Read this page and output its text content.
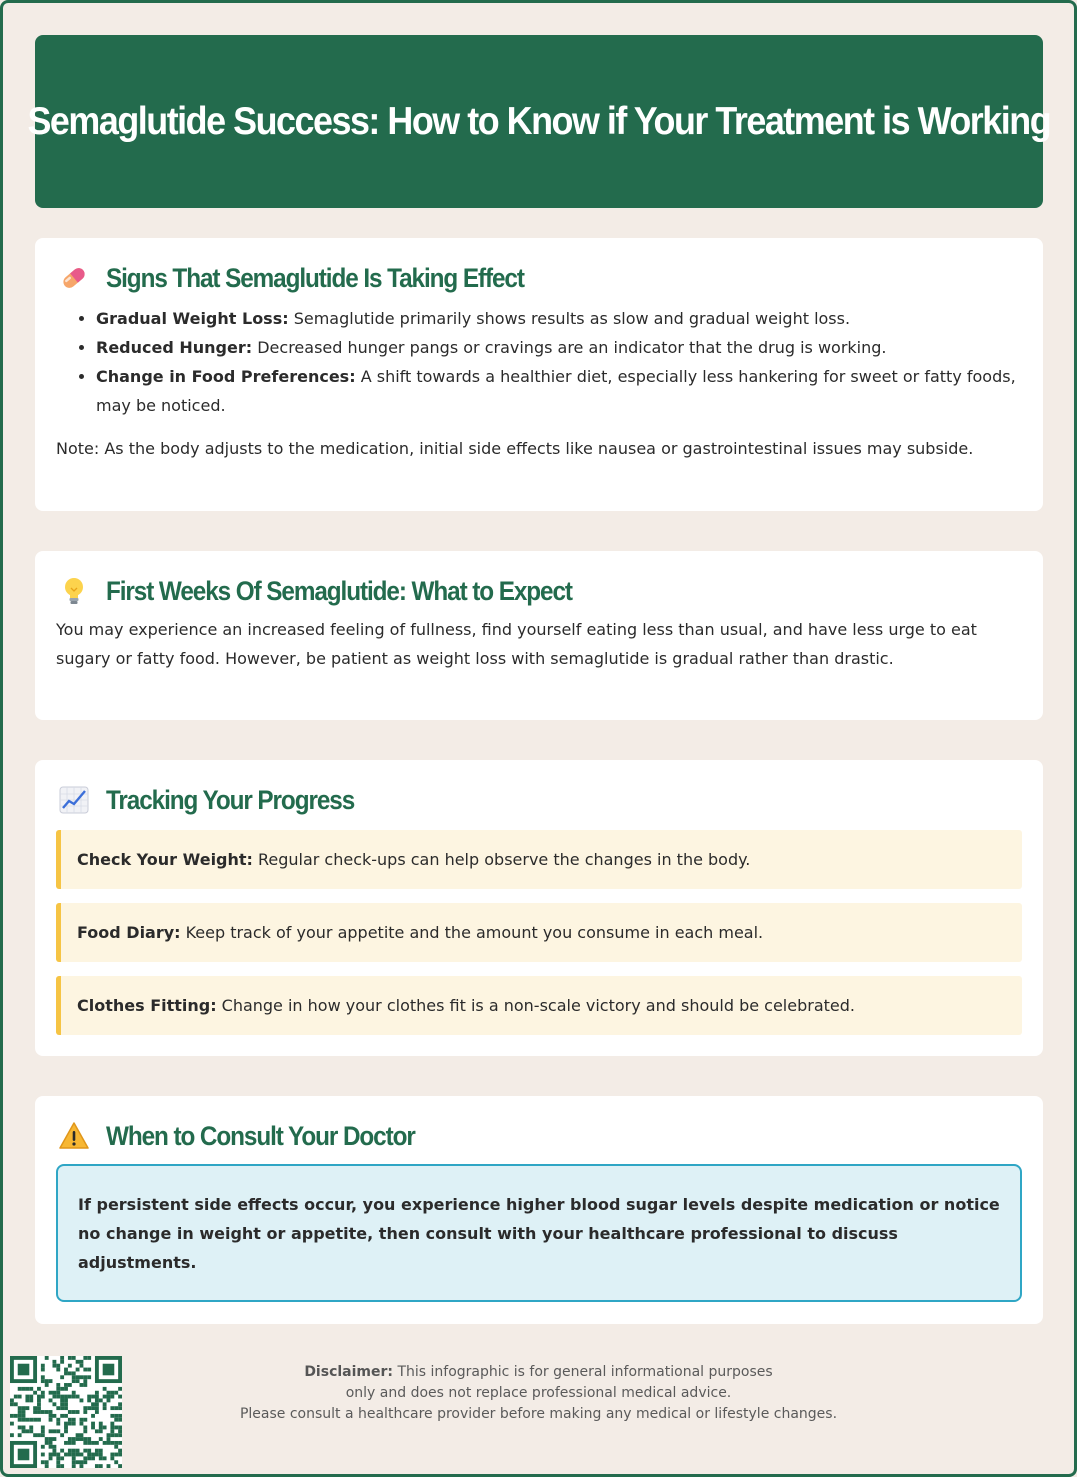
Semaglutide Success: How to Know if Your Treatment is Working
Signs That Semaglutide Is Taking Effect
• Gradual Weight Loss: Semaglutide primarily shows results as slow and gradual weight loss.
• Reduced Hunger: Decreased hunger pangs or cravings are an indicator that the drug is working.
• Change in Food Preferences: A shift towards a healthier diet, especially less hankering for sweet or fatty foods, may be noticed.

Note: As the body adjusts to the medication, initial side effects like nausea or gastrointestinal issues may subside.

First Weeks Of Semaglutide: What to Expect

You may experience an increased feeling of fullness, find yourself eating less than usual, and have less urge to eat sugary or fatty food. However, be patient as weight loss with semaglutide is gradual rather than drastic.

Tracking Your Progress
Check Your Weight: Regular check-ups can help observe the changes in the body.
Food Diary: Keep track of your appetite and the amount you consume in each meal.
Clothes Fitting: Change in how your clothes fit is a non-scale victory and should be celebrated.
When to Consult Your Doctor
If persistent side effects occur, you experience higher blood sugar levels despite medication or notice no change in weight or appetite, then consult with your healthcare professional to discuss adjustments.
Disclaimer: This infographic is for general informational purposes
only and does not replace professional medical advice.
Please consult a healthcare provider before making any medical or lifestyle changes.
